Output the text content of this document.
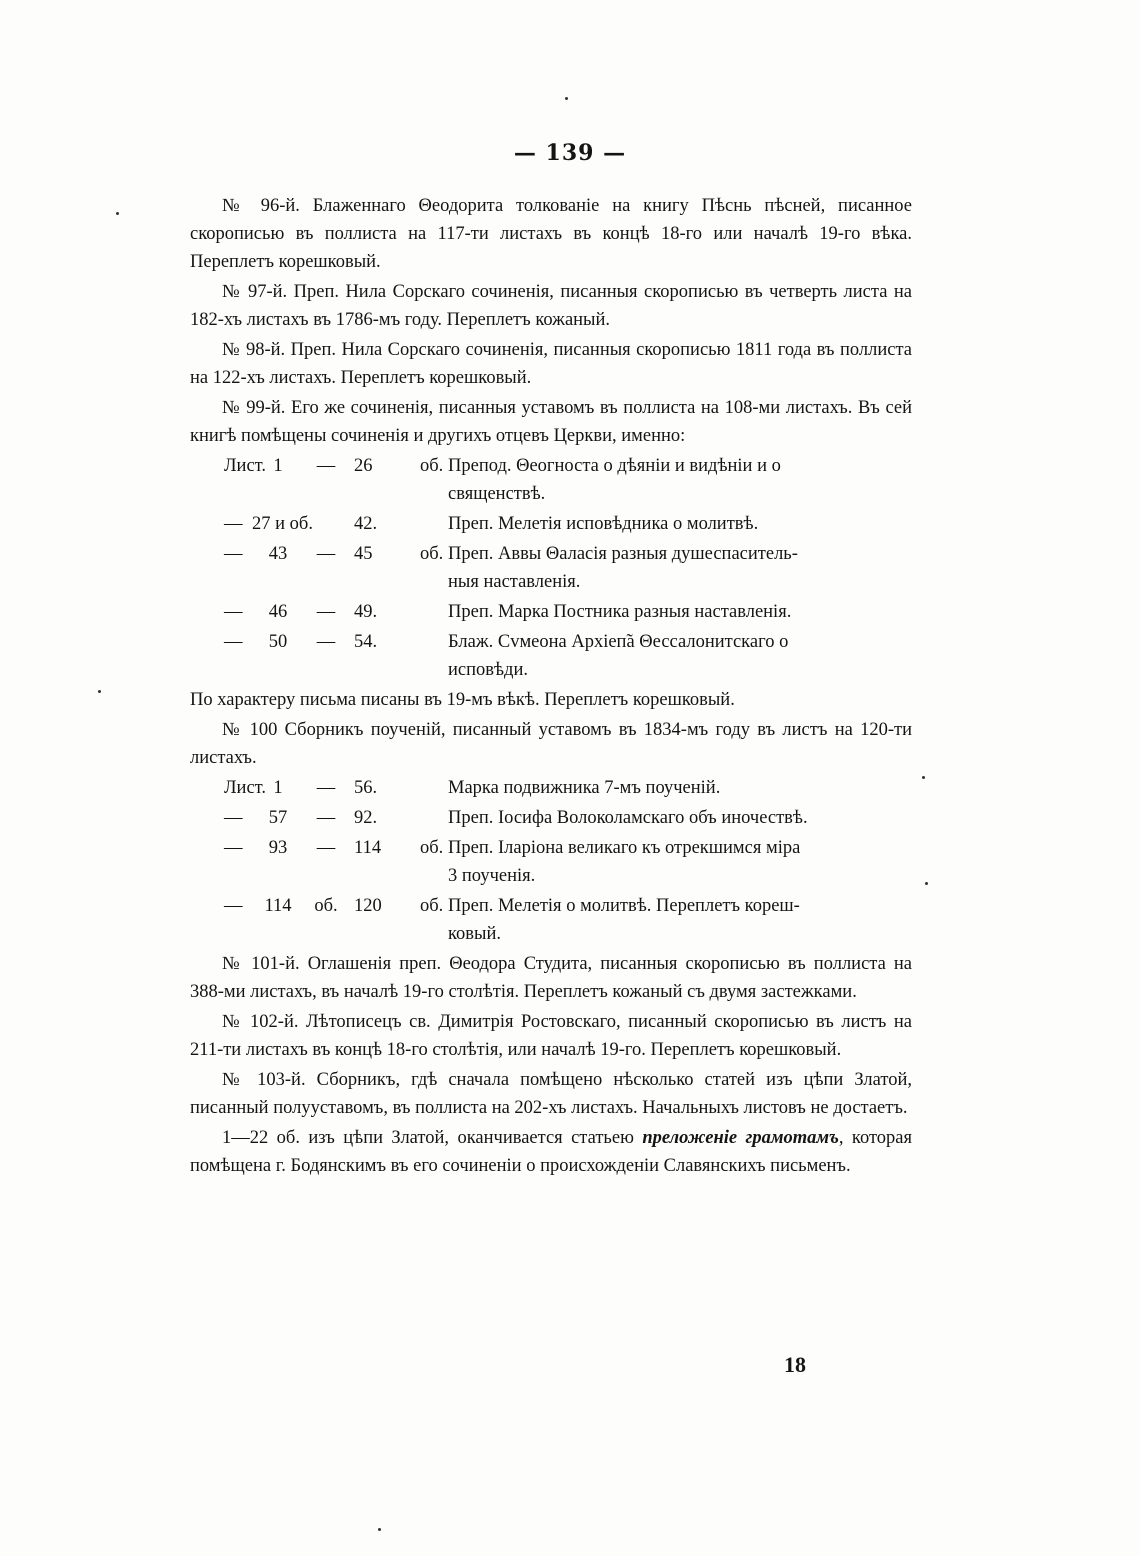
— 139 —

№ 96-й. Блаженнаго Θеодорита толкованіе на книгу Пѣснь пѣсней, писанное скорописью въ поллиста на 117-ти листахъ въ концѣ 18-го или началѣ 19-го вѣка. Переплетъ корешковый.

№ 97-й. Преп. Нила Сорскаго сочиненія, писанныя скорописью въ четверть листа на 182-хъ листахъ въ 1786-мъ году. Переплетъ кожаный.

№ 98-й. Преп. Нила Сорскаго сочиненія, писанныя скорописью 1811 года въ поллиста на 122-хъ листахъ. Переплетъ корешковый.

№ 99-й. Его же сочиненія, писанныя уставомъ въ поллиста на 108-ми листахъ. Въ сей книгѣ помѣщены сочиненія и другихъ отцевъ Церкви, именно:

Лист. 1	—	26	об. Препод. Θеогноста о дѣяніи и видѣніи и о
священствѣ.
— 27 и об.	42.	Преп. Мелетія исповѣдника о молитвѣ.
—	43	—	45	об. Преп. Аввы Θаласія разныя душеспаситель-
ныя наставленія.
—	46	—	49.	Преп. Марка Постника разныя наставленія.
—	50	—	54.	Блаж. Сvмеона Архіеп̃а Θессалонитскаго о
исповѣди.

По характеру письма писаны въ 19-мъ вѣкѣ. Переплетъ корешковый.

№ 100 Сборникъ поученій, писанный уставомъ въ 1834-мъ году въ листъ на 120-ти листахъ.

Лист. 1	—	56.	Марка подвижника 7-мъ поученій.
—	57	—	92.	Преп. Іосифа Волоколамскаго объ иночествѣ.
—	93	—	114	об. Преп. Іларіона великаго къ отрекшимся міра
3 поученія.
—	114	об. 120	об. Преп. Мелетія о молитвѣ. Переплетъ кореш-
ковый.

№ 101-й. Оглашенія преп. Θеодора Студита, писанныя скорописью въ поллиста на 388-ми листахъ, въ началѣ 19-го столѣтія. Переплетъ кожаный съ двумя застежками.

№ 102-й. Лѣтописецъ св. Димитрія Ростовскаго, писанный скорописью въ листъ на 211-ти листахъ въ концѣ 18-го столѣтія, или началѣ 19-го. Переплетъ корешковый.

№ 103-й. Сборникъ, гдѣ сначала помѣщено нѣсколько статей изъ цѣпи Златой, писанный полууставомъ, въ поллиста на 202-хъ листахъ. Начальныхъ листовъ не достаетъ.

1—22 об. изъ цѣпи Златой, оканчивается статьею преложеніе грамотамъ, которая помѣщена г. Бодянскимъ въ его сочиненіи о происхожденіи Славянскихъ письменъ.

18
